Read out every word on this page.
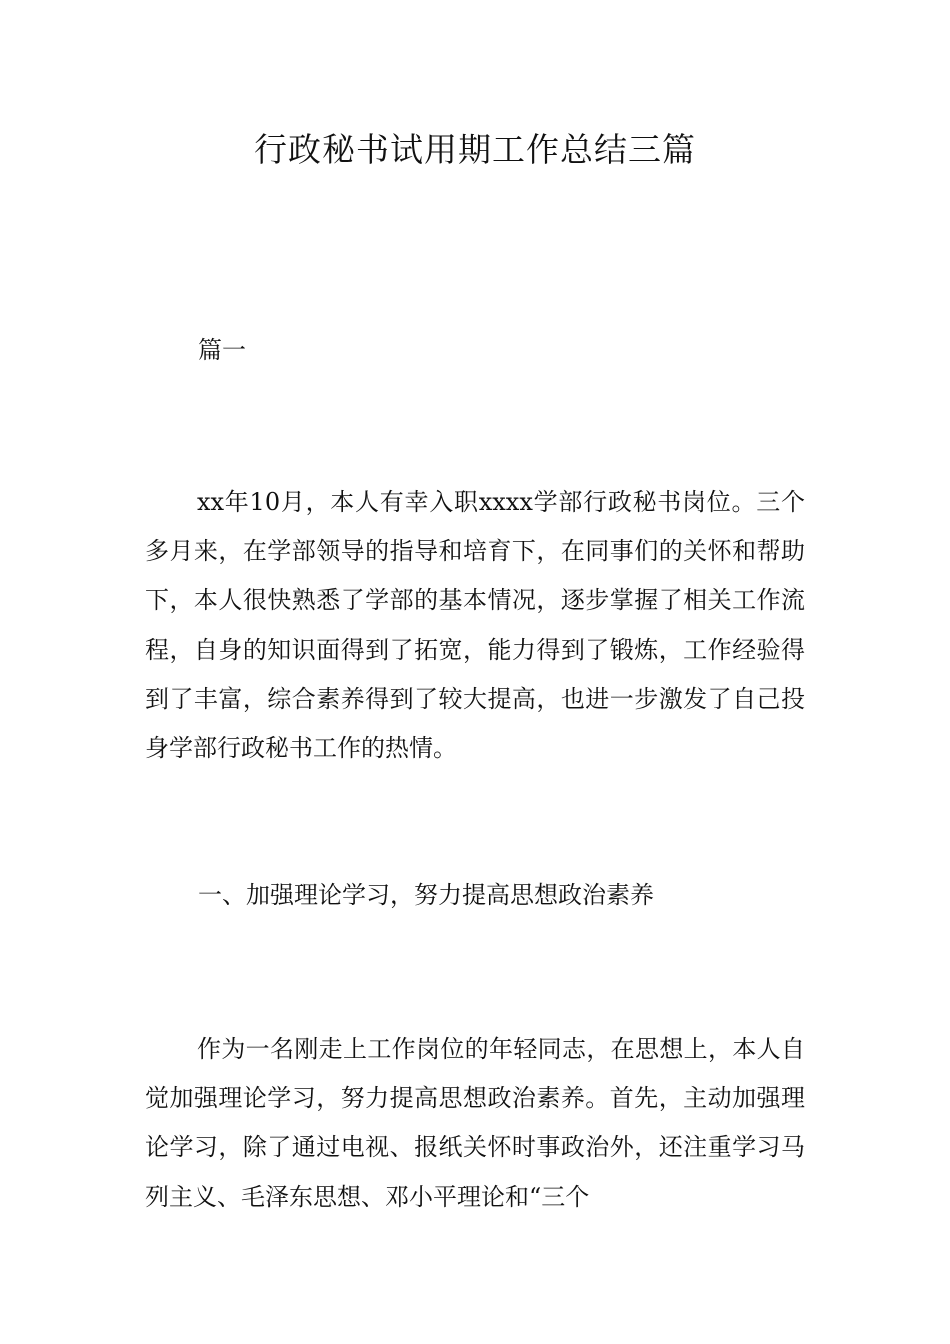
行政秘书试用期工作总结三篇

篇一

xx年10月，本人有幸入职xxxx学部行政秘书岗位。三个多月来，在学部领导的指导和培育下，在同事们的关怀和帮助下，本人很快熟悉了学部的基本情况，逐步掌握了相关工作流程，自身的知识面得到了拓宽，能力得到了锻炼，工作经验得到了丰富，综合素养得到了较大提高，也进一步激发了自己投身学部行政秘书工作的热情。

一、加强理论学习，努力提高思想政治素养

作为一名刚走上工作岗位的年轻同志，在思想上，本人自觉加强理论学习，努力提高思想政治素养。首先，主动加强理论学习，除了通过电视、报纸关怀时事政治外，还注重学习马列主义、毛泽东思想、邓小平理论和“三个
